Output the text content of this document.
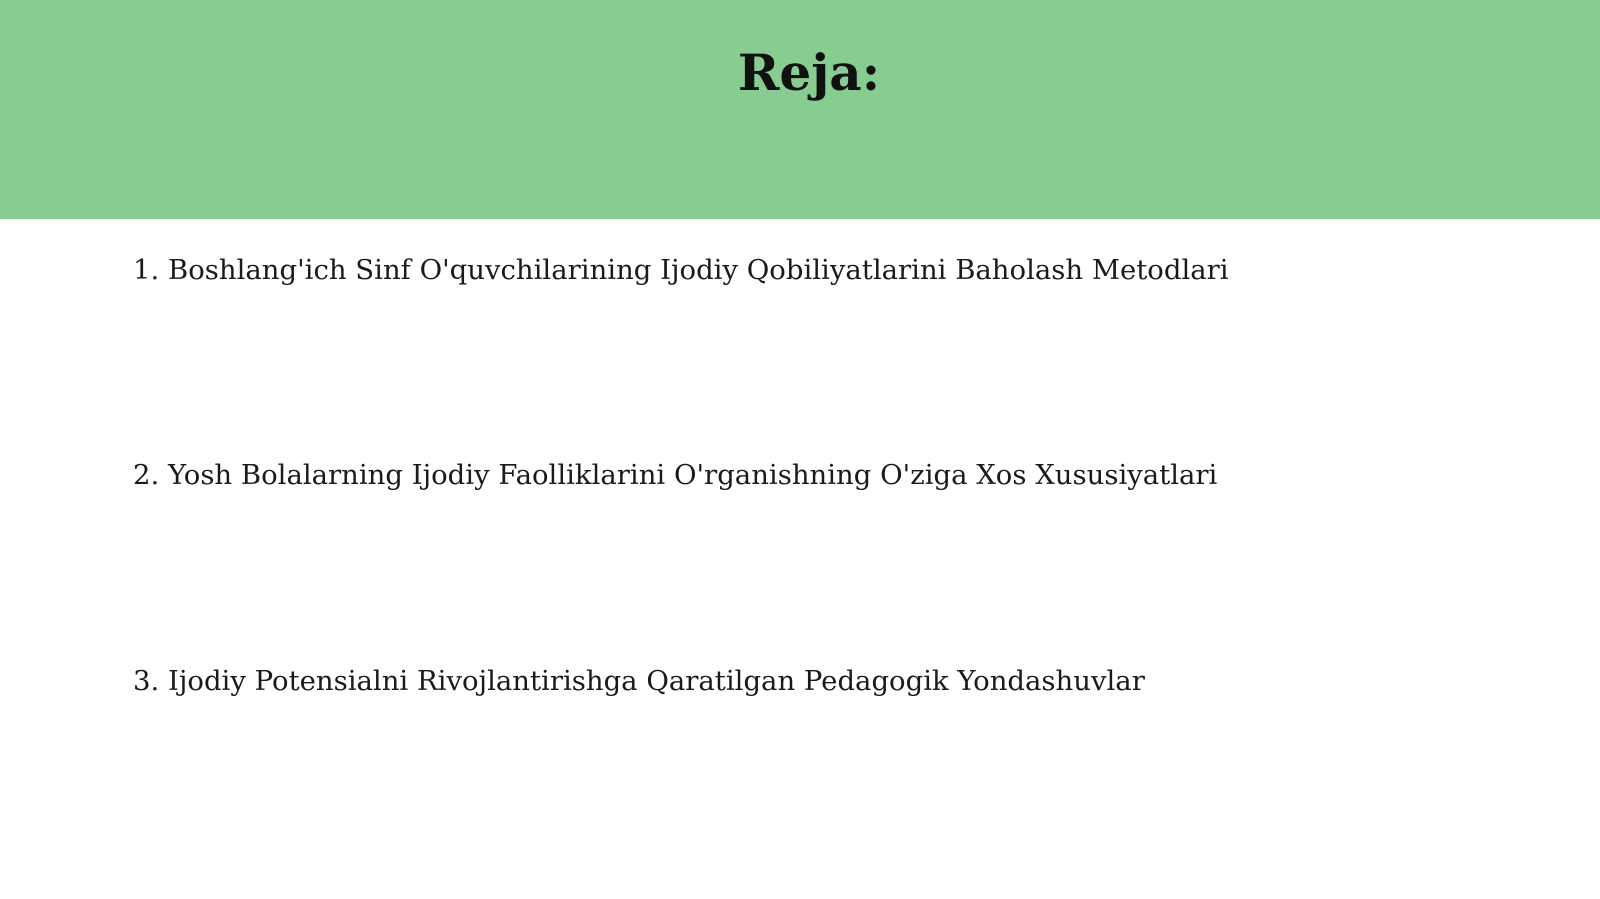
Reja:
1. Boshlang'ich Sinf O'quvchilarining Ijodiy Qobiliyatlarini Baholash Metodlari
2. Yosh Bolalarning Ijodiy Faolliklarini O'rganishning O'ziga Xos Xususiyatlari
3. Ijodiy Potensialni Rivojlantirishga Qaratilgan Pedagogik Yondashuvlar
